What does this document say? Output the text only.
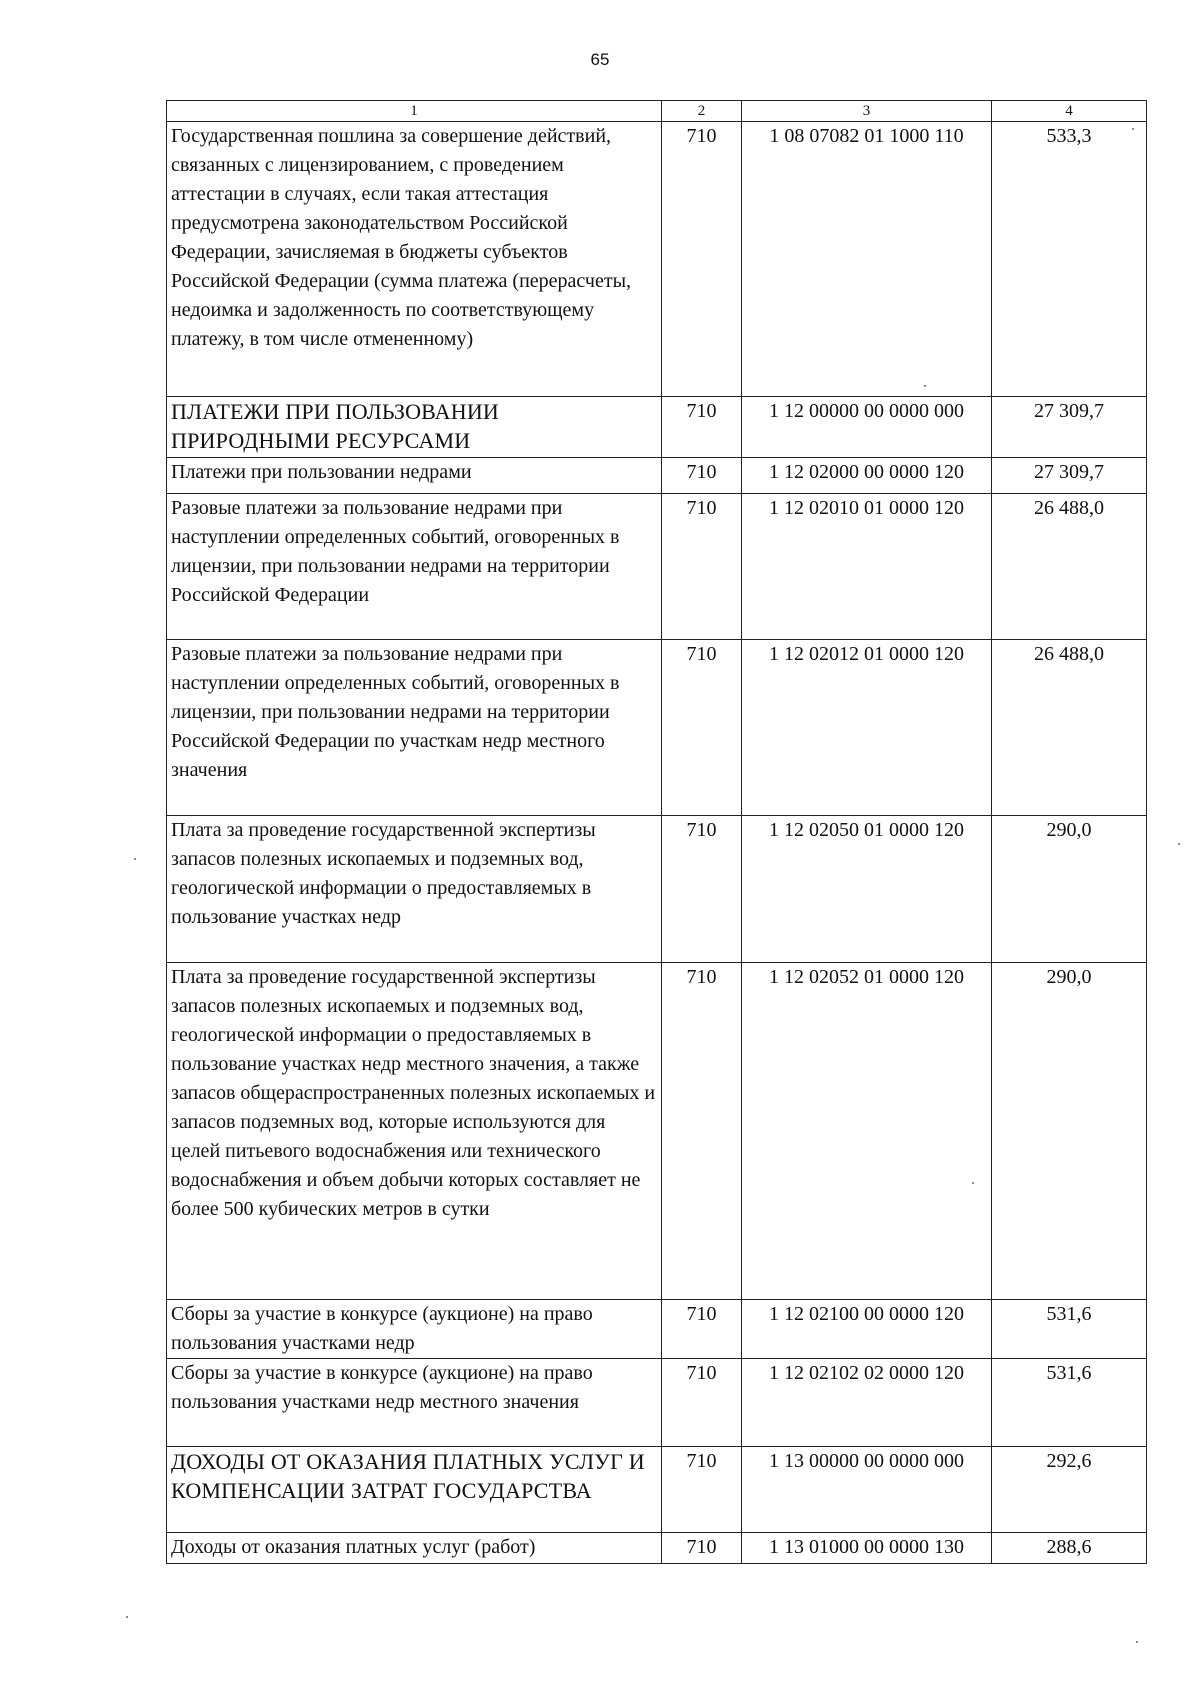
65
1	2	3	4
Государственная пошлина за совершение действий, связанных с лицензированием, с проведением аттестации в случаях, если такая аттестация предусмотрена законодательством Российской Федерации, зачисляемая в бюджеты субъектов Российской Федерации (сумма платежа (перерасчеты, недоимка и задолженность по соответствующему платежу, в том числе отмененному)	710	1 08 07082 01 1000 110	533,3
ПЛАТЕЖИ ПРИ ПОЛЬЗОВАНИИ ПРИРОДНЫМИ РЕСУРСАМИ	710	1 12 00000 00 0000 000	27 309,7
Платежи при пользовании недрами	710	1 12 02000 00 0000 120	27 309,7
Разовые платежи за пользование недрами при наступлении определенных событий, оговоренных в лицензии, при пользовании недрами на территории Российской Федерации	710	1 12 02010 01 0000 120	26 488,0
Разовые платежи за пользование недрами при наступлении определенных событий, оговоренных в лицензии, при пользовании недрами на территории Российской Федерации по участкам недр местного значения	710	1 12 02012 01 0000 120	26 488,0
Плата за проведение государственной экспертизы запасов полезных ископаемых и подземных вод, геологической информации о предоставляемых в пользование участках недр	710	1 12 02050 01 0000 120	290,0
Плата за проведение государственной экспертизы запасов полезных ископаемых и подземных вод, геологической информации о предоставляемых в пользование участках недр местного значения, а также запасов общераспространенных полезных ископаемых и запасов подземных вод, которые используются для целей питьевого водоснабжения или технического водоснабжения и объем добычи которых составляет не более 500 кубических метров в сутки	710	1 12 02052 01 0000 120	290,0
Сборы за участие в конкурсе (аукционе) на право пользования участками недр	710	1 12 02100 00 0000 120	531,6
Сборы за участие в конкурсе (аукционе) на право пользования участками недр местного значения	710	1 12 02102 02 0000 120	531,6
ДОХОДЫ ОТ ОКАЗАНИЯ ПЛАТНЫХ УСЛУГ И КОМПЕНСАЦИИ ЗАТРАТ ГОСУДАРСТВА	710	1 13 00000 00 0000 000	292,6
Доходы от оказания платных услуг (работ)	710	1 13 01000 00 0000 130	288,6
